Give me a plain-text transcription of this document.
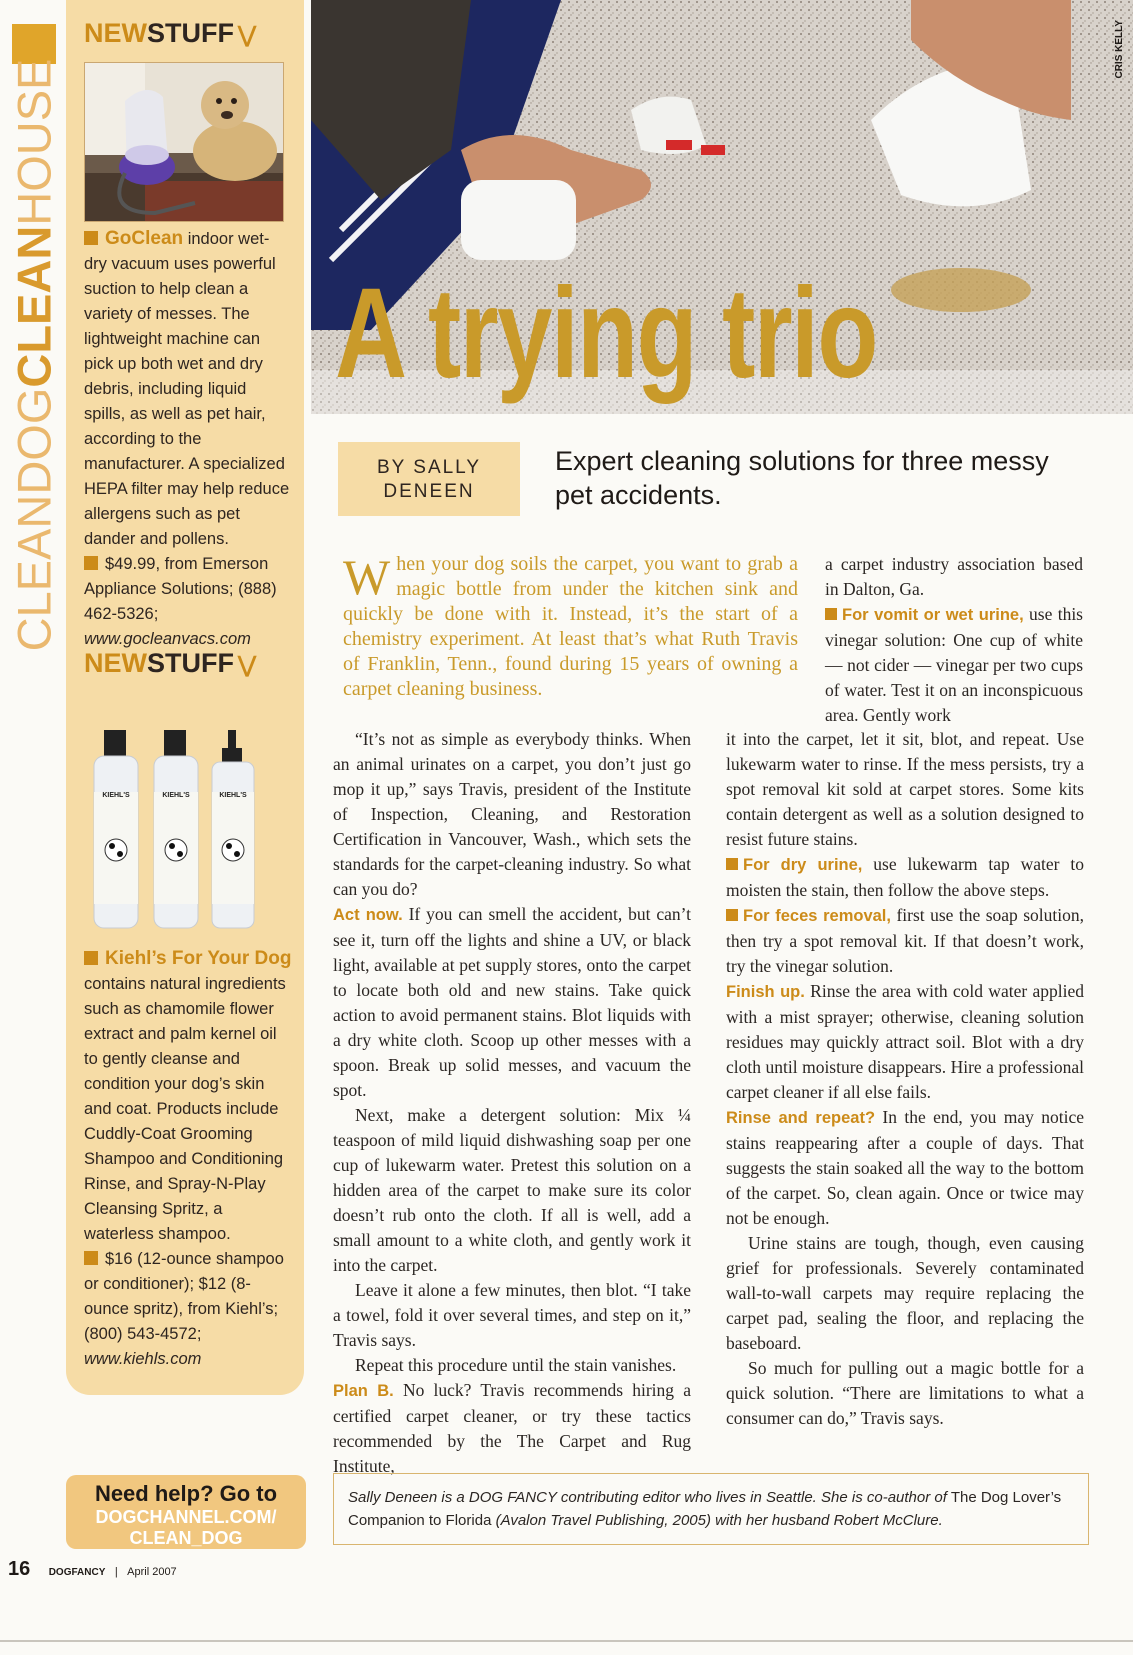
CLEANDOGCLEANHOUSE
NEWSTUFF ⋁

GoClean indoor wet-dry vacuum uses powerful suction to help clean a variety of messes. The lightweight machine can pick up both wet and dry debris, including liquid spills, as well as pet hair, according to the manufacturer. A specialized HEPA filter may help reduce allergens such as pet dander and pollens.

$49.99, from Emerson Appliance Solutions; (888) 462-5326;
www.gocleanvacs.com

NEWSTUFF ⋁
KIEHL'S	KIEHL'S	KIEHL'S

Kiehl’s For Your Dog
contains natural ingredients such as chamomile flower extract and palm kernel oil to gently cleanse and condition your dog’s skin and coat. Products include Cuddly-Coat Grooming Shampoo and Conditioning Rinse, and Spray-N-Play Cleansing Spritz, a waterless shampoo.

$16 (12-ounce shampoo or conditioner); $12 (8-ounce spritz), from Kiehl’s; (800) 543-4572;
www.kiehls.com

Need help? Go to
DOGCHANNEL.COM/
CLEAN_DOG
CRIS KELLY
A trying trio
BY SALLY
DENEEN
Expert cleaning solutions for three messy pet accidents.
When your dog soils the carpet, you want to grab a magic bottle from under the kitchen sink and quickly be done with it. Instead, it’s the start of a chemistry experiment. At least that’s what Ruth Travis of Franklin, Tenn., found during 15 years of owning a carpet cleaning business.

“It’s not as simple as everybody thinks. When an animal urinates on a carpet, you don’t just go mop it up,” says Travis, president of the Institute of Inspection, Cleaning, and Restoration Certification in Vancouver, Wash., which sets the standards for the carpet-cleaning industry. So what can you do?

Act now. If you can smell the accident, but can’t see it, turn off the lights and shine a UV, or black light, available at pet supply stores, onto the carpet to locate both old and new stains. Take quick action to avoid permanent stains. Blot liquids with a dry white cloth. Scoop up other messes with a spoon. Break up solid messes, and vacuum the spot.

Next, make a detergent solution: Mix ¼ teaspoon of mild liquid dishwashing soap per one cup of lukewarm water. Pretest this solution on a hidden area of the carpet to make sure its color doesn’t rub onto the cloth. If all is well, add a small amount to a white cloth, and gently work it into the carpet.

Leave it alone a few minutes, then blot. “I take a towel, fold it over several times, and step on it,” Travis says.

Repeat this procedure until the stain vanishes.

Plan B. No luck? Travis recommends hiring a certified carpet cleaner, or try these tactics recommended by the The Carpet and Rug Institute,

a carpet industry association based in Dalton, Ga.

For vomit or wet urine, use this vinegar solution: One cup of white — not cider — vinegar per two cups of water. Test it on an inconspicuous area. Gently work

it into the carpet, let it sit, blot, and repeat. Use lukewarm water to rinse. If the mess persists, try a spot removal kit sold at carpet stores. Some kits contain detergent as well as a solution designed to resist future stains.

For dry urine, use lukewarm tap water to moisten the stain, then follow the above steps.

For feces removal, first use the soap solution, then try a spot removal kit. If that doesn’t work, try the vinegar solution.

Finish up. Rinse the area with cold water applied with a mist sprayer; otherwise, cleaning solution residues may quickly attract soil. Blot with a dry cloth until moisture disappears. Hire a professional carpet cleaner if all else fails.

Rinse and repeat? In the end, you may notice stains reappearing after a couple of days. That suggests the stain soaked all the way to the bottom of the carpet. So, clean again. Once or twice may not be enough.

Urine stains are tough, though, even causing grief for professionals. Severely contaminated wall-to-wall carpets may require replacing the carpet pad, sealing the floor, and replacing the baseboard.

So much for pulling out a magic bottle for a quick solution. “There are limitations to what a consumer can do,” Travis says.

Sally Deneen is a DOG FANCY contributing editor who lives in Seattle. She is co-author of The Dog Lover’s Companion to Florida (Avalon Travel Publishing, 2005) with her husband Robert McClure.
16 DOGFANCY | April 2007
